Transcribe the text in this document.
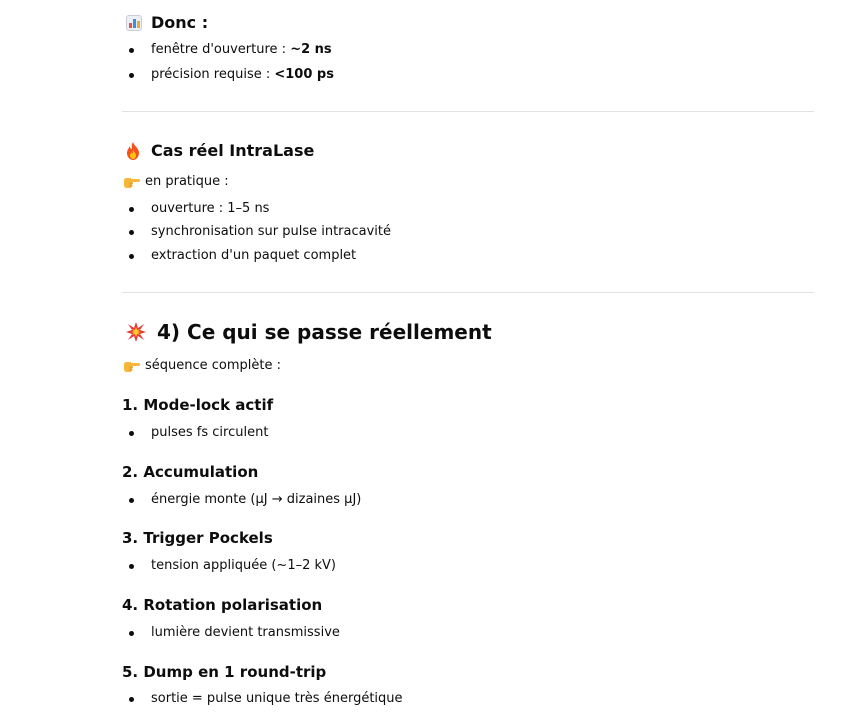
Donc :
fenêtre d'ouverture : ~2 ns
précision requise : <100 ps
Cas réel IntraLase
en pratique :
ouverture : 1–5 ns
synchronisation sur pulse intracavité
extraction d'un paquet complet
4) Ce qui se passe réellement
séquence complète :
1. Mode-lock actif
pulses fs circulent
2. Accumulation
énergie monte (µJ → dizaines µJ)
3. Trigger Pockels
tension appliquée (~1–2 kV)
4. Rotation polarisation
lumière devient transmissive
5. Dump en 1 round-trip
sortie = pulse unique très énergétique
